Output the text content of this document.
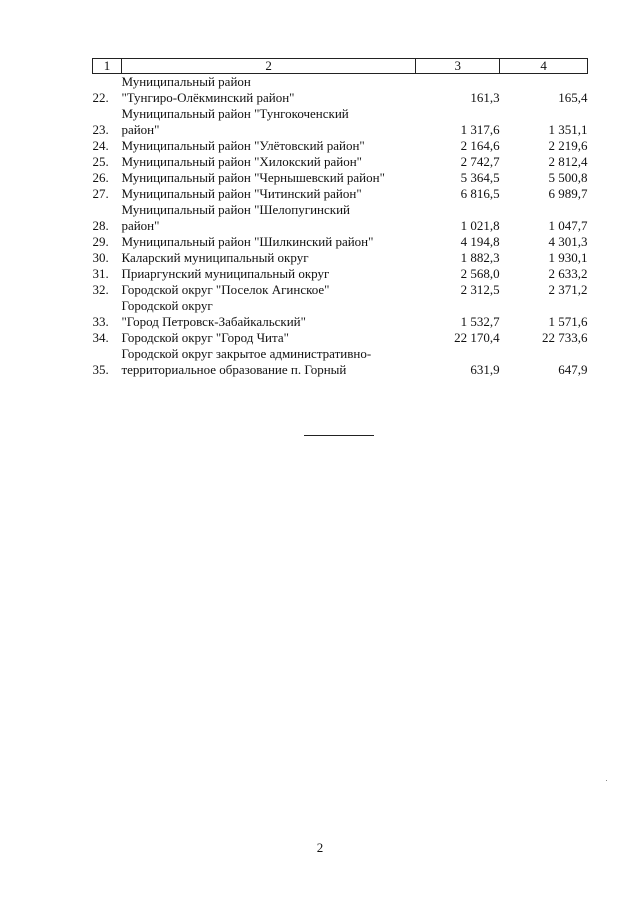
1	2	3	4
22.	Муниципальный район
"Тунгиро-Олёкминский район"	161,3	165,4
23.	Муниципальный район "Тунгокоченский
район"	1 317,6	1 351,1
24.	Муниципальный район "Улётовский район"	2 164,6	2 219,6
25.	Муниципальный район "Хилокский район"	2 742,7	2 812,4
26.	Муниципальный район "Чернышевский район"	5 364,5	5 500,8
27.	Муниципальный район "Читинский район"	6 816,5	6 989,7
28.	Муниципальный район "Шелопугинский
район"	1 021,8	1 047,7
29.	Муниципальный район "Шилкинский район"	4 194,8	4 301,3
30.	Каларский муниципальный округ	1 882,3	1 930,1
31.	Приаргунский муниципальный округ	2 568,0	2 633,2
32.	Городской округ "Поселок Агинское"	2 312,5	2 371,2
33.	Городской округ
"Город Петровск-Забайкальский"	1 532,7	1 571,6
34.	Городской округ "Город Чита"	22 170,4	22 733,6
35.	Городской округ закрытое административно-
территориальное образование п. Горный	631,9	647,9
2
